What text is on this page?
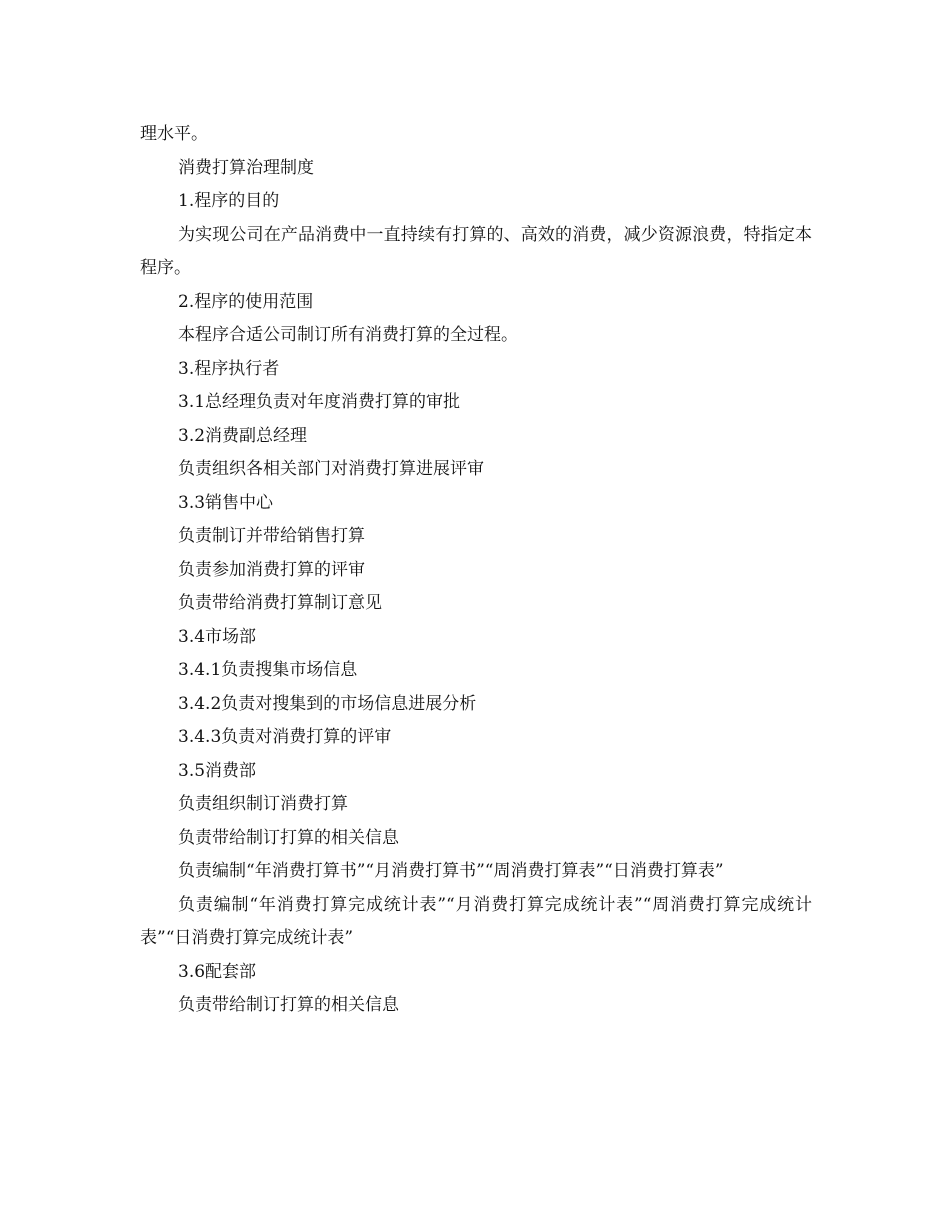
理水平。

消费打算治理制度

1.程序的目的

为实现公司在产品消费中一直持续有打算的、高效的消费，减少资源浪费，特指定本程序。

2.程序的使用范围

本程序合适公司制订所有消费打算的全过程。

3.程序执行者

3.1总经理负责对年度消费打算的审批

3.2消费副总经理

负责组织各相关部门对消费打算进展评审

3.3销售中心

负责制订并带给销售打算

负责参加消费打算的评审

负责带给消费打算制订意见

3.4市场部

3.4.1负责搜集市场信息

3.4.2负责对搜集到的市场信息进展分析

3.4.3负责对消费打算的评审

3.5消费部

负责组织制订消费打算

负责带给制订打算的相关信息

负责编制“年消费打算书”“月消费打算书”“周消费打算表”“日消费打算表”

负责编制“年消费打算完成统计表”“月消费打算完成统计表”“周消费打算完成统计表”“日消费打算完成统计表”

3.6配套部

负责带给制订打算的相关信息
